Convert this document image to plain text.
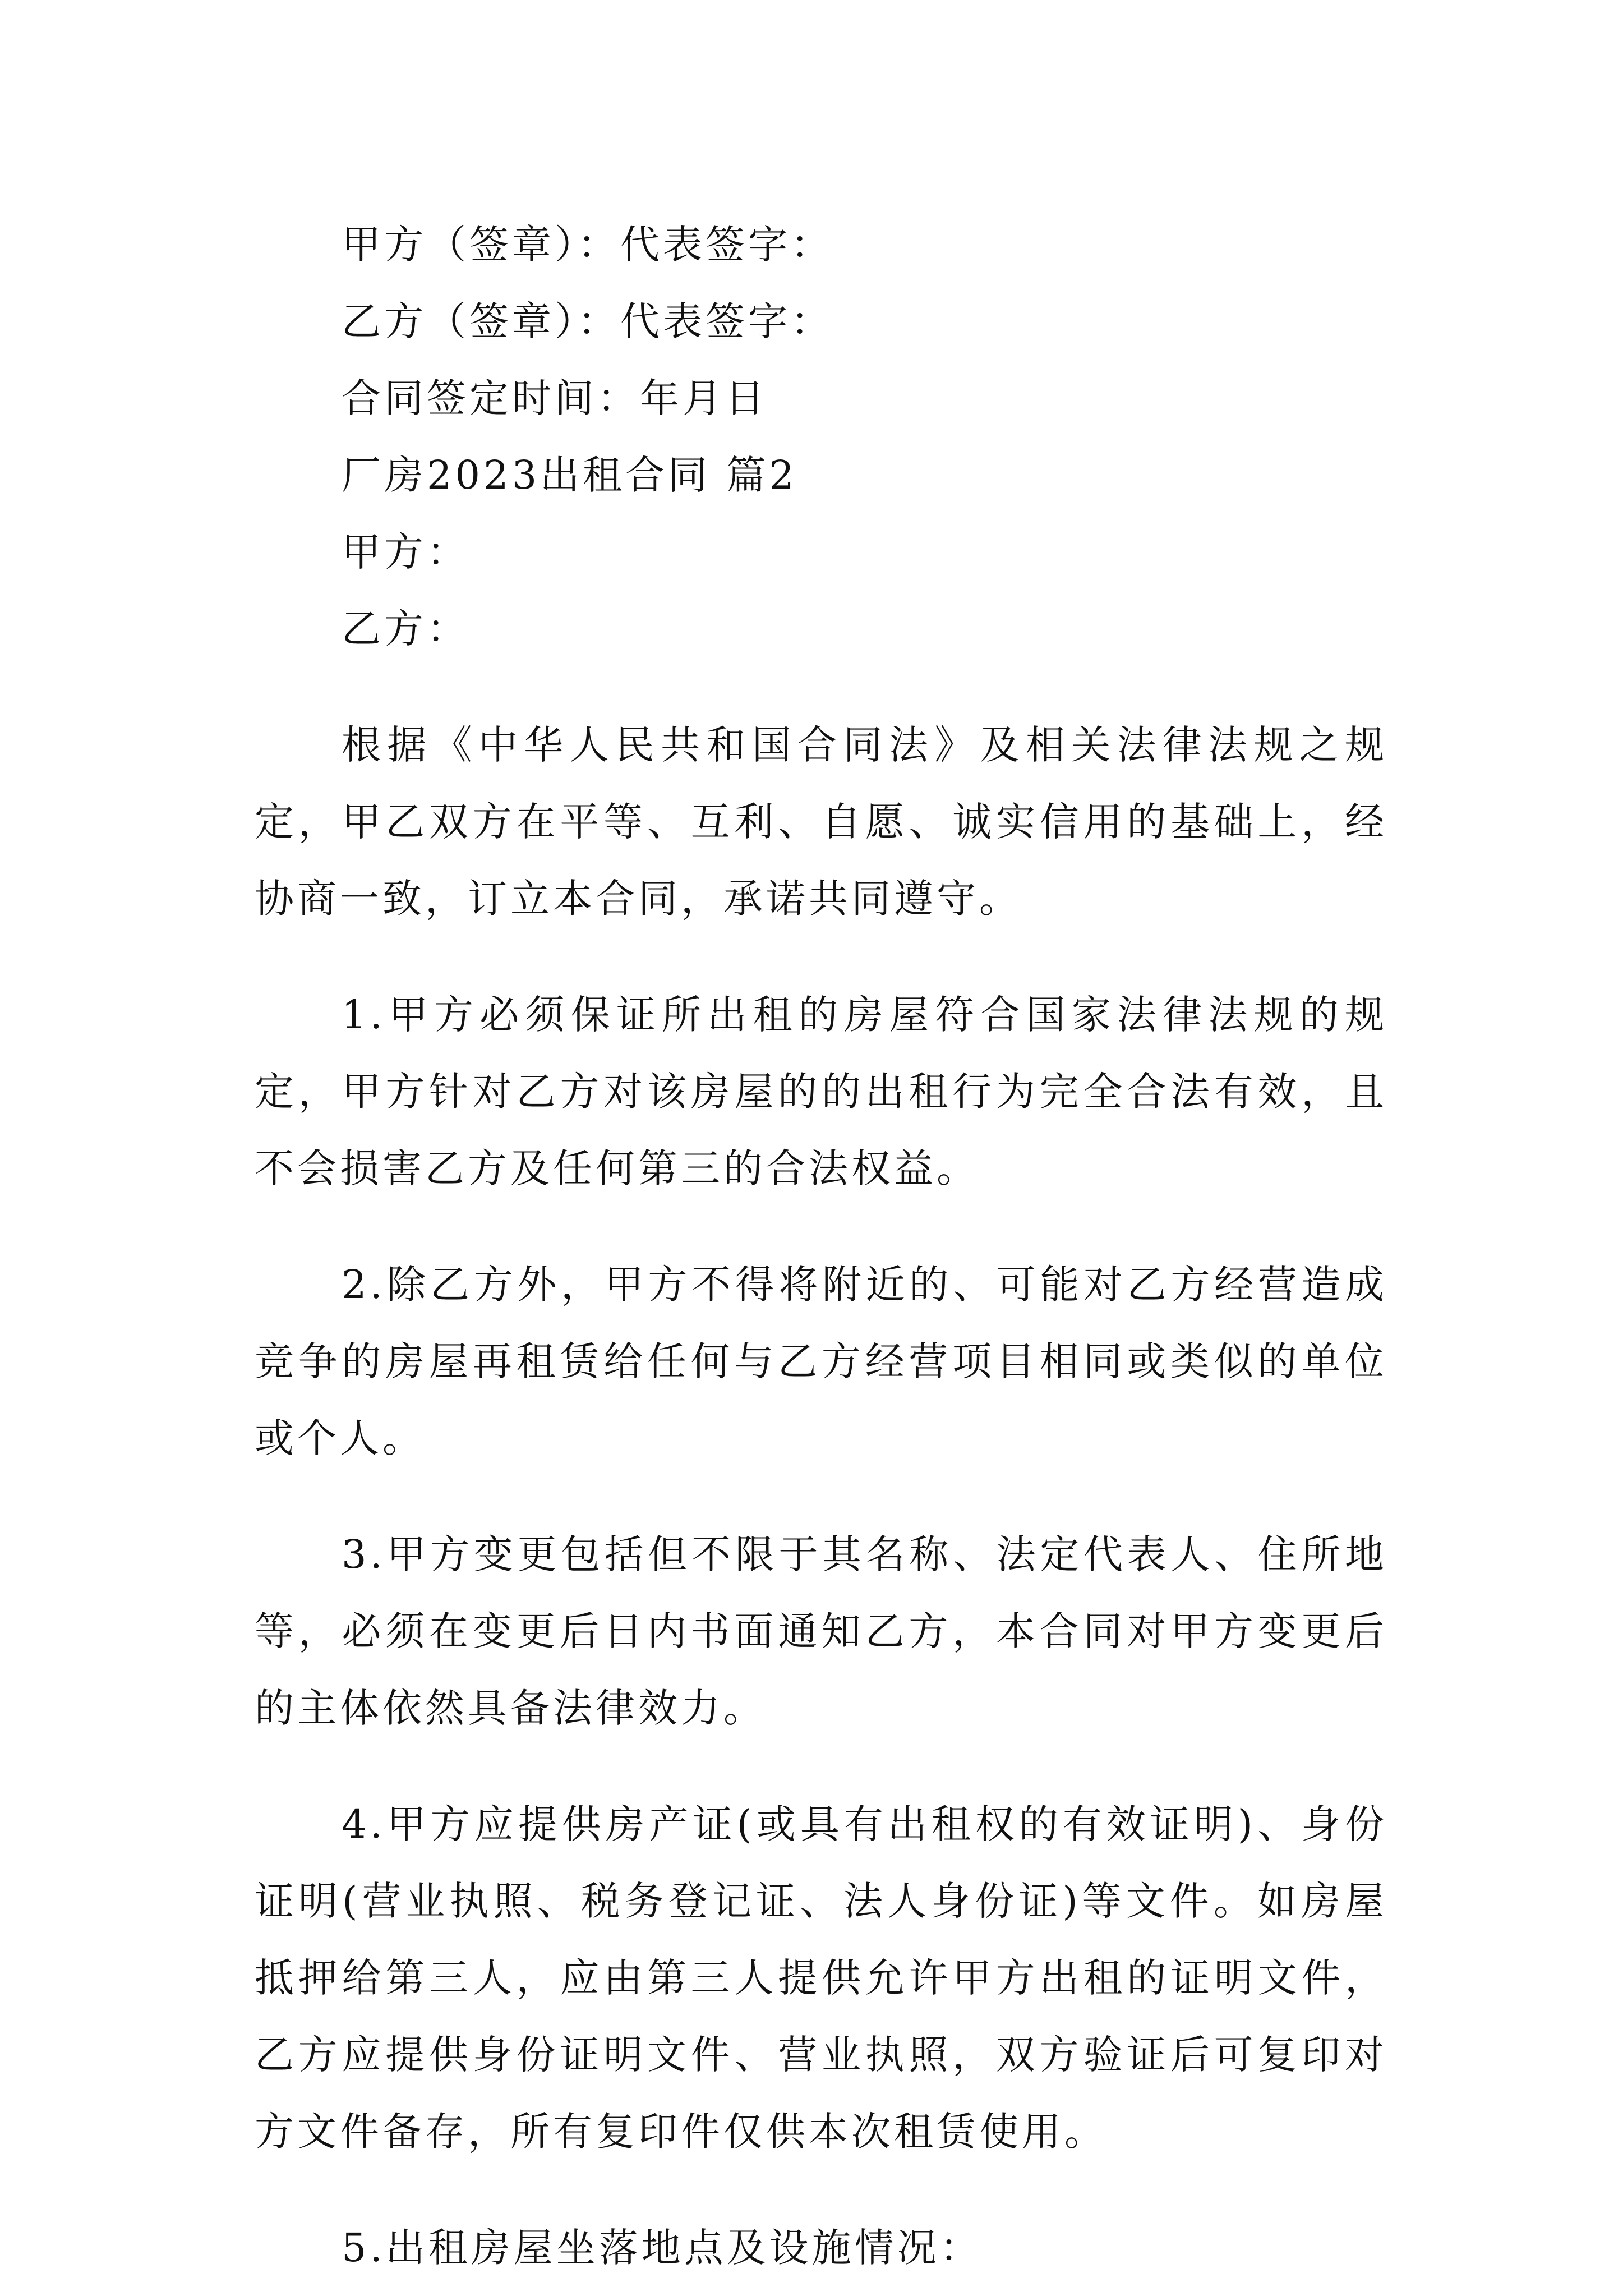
甲方（签章）：代表签字：
乙方（签章）：代表签字：
合同签定时间：年月日
厂房2023出租合同 篇2
甲方：
乙方：

根据《中华人民共和国合同法》及相关法律法规之规定，甲乙双方在平等、互利、自愿、诚实信用的基础上，经协商一致，订立本合同，承诺共同遵守。

1.甲方必须保证所出租的房屋符合国家法律法规的规定，甲方针对乙方对该房屋的的出租行为完全合法有效，且不会损害乙方及任何第三的合法权益。

2.除乙方外，甲方不得将附近的、可能对乙方经营造成竞争的房屋再租赁给任何与乙方经营项目相同或类似的单位或个人。

3.甲方变更包括但不限于其名称、法定代表人、住所地等，必须在变更后日内书面通知乙方，本合同对甲方变更后的主体依然具备法律效力。

4.甲方应提供房产证(或具有出租权的有效证明)、身份证明(营业执照、税务登记证、法人身份证)等文件。如房屋抵押给第三人，应由第三人提供允许甲方出租的证明文件，乙方应提供身份证明文件、营业执照，双方验证后可复印对方文件备存，所有复印件仅供本次租赁使用。

5.出租房屋坐落地点及设施情况：
